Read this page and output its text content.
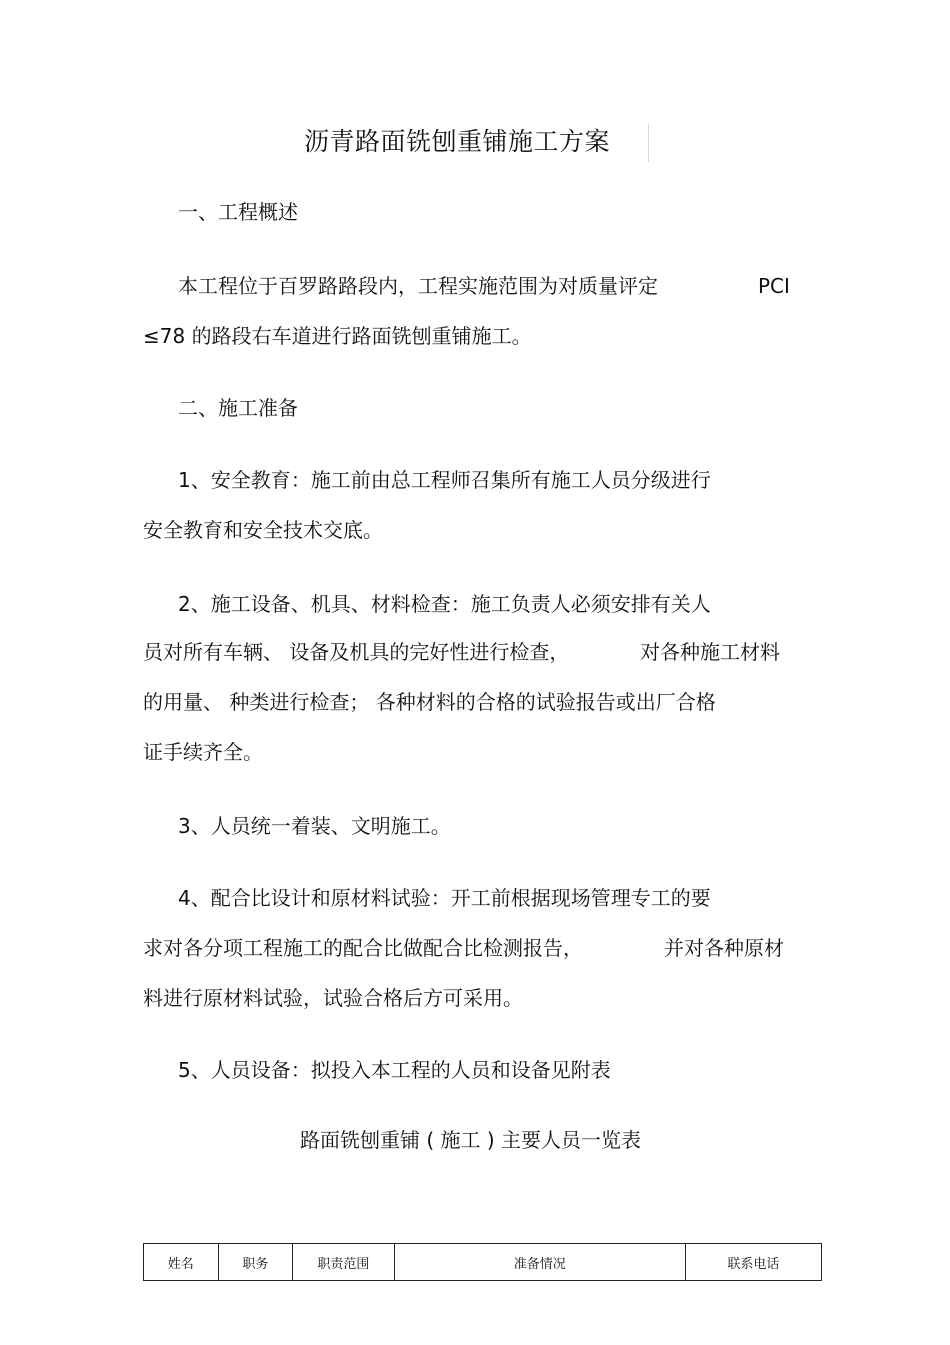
沥青路面铣刨重铺施工方案
一、工程概述
本工程位于百罗路路段内，工程实施范围为对质量评定	PCI
≤78 的路段右车道进行路面铣刨重铺施工。
二、施工准备
1、安全教育：施工前由总工程师召集所有施工人员分级进行
安全教育和安全技术交底。
2、施工设备、机具、材料检查：施工负责人必须安排有关人
员对所有车辆、 设备及机具的完好性进行检查，	对各种施工材料
的用量、 种类进行检查； 各种材料的合格的试验报告或出厂合格
证手续齐全。
3、人员统一着装、文明施工。
4、配合比设计和原材料试验：开工前根据现场管理专工的要
求对各分项工程施工的配合比做配合比检测报告，	并对各种原材
料进行原材料试验，试验合格后方可采用。
5、人员设备：拟投入本工程的人员和设备见附表
路面铣刨重铺 ( 施工 ) 主要人员一览表
姓名	职务	职责范围	准备情况	联系电话
